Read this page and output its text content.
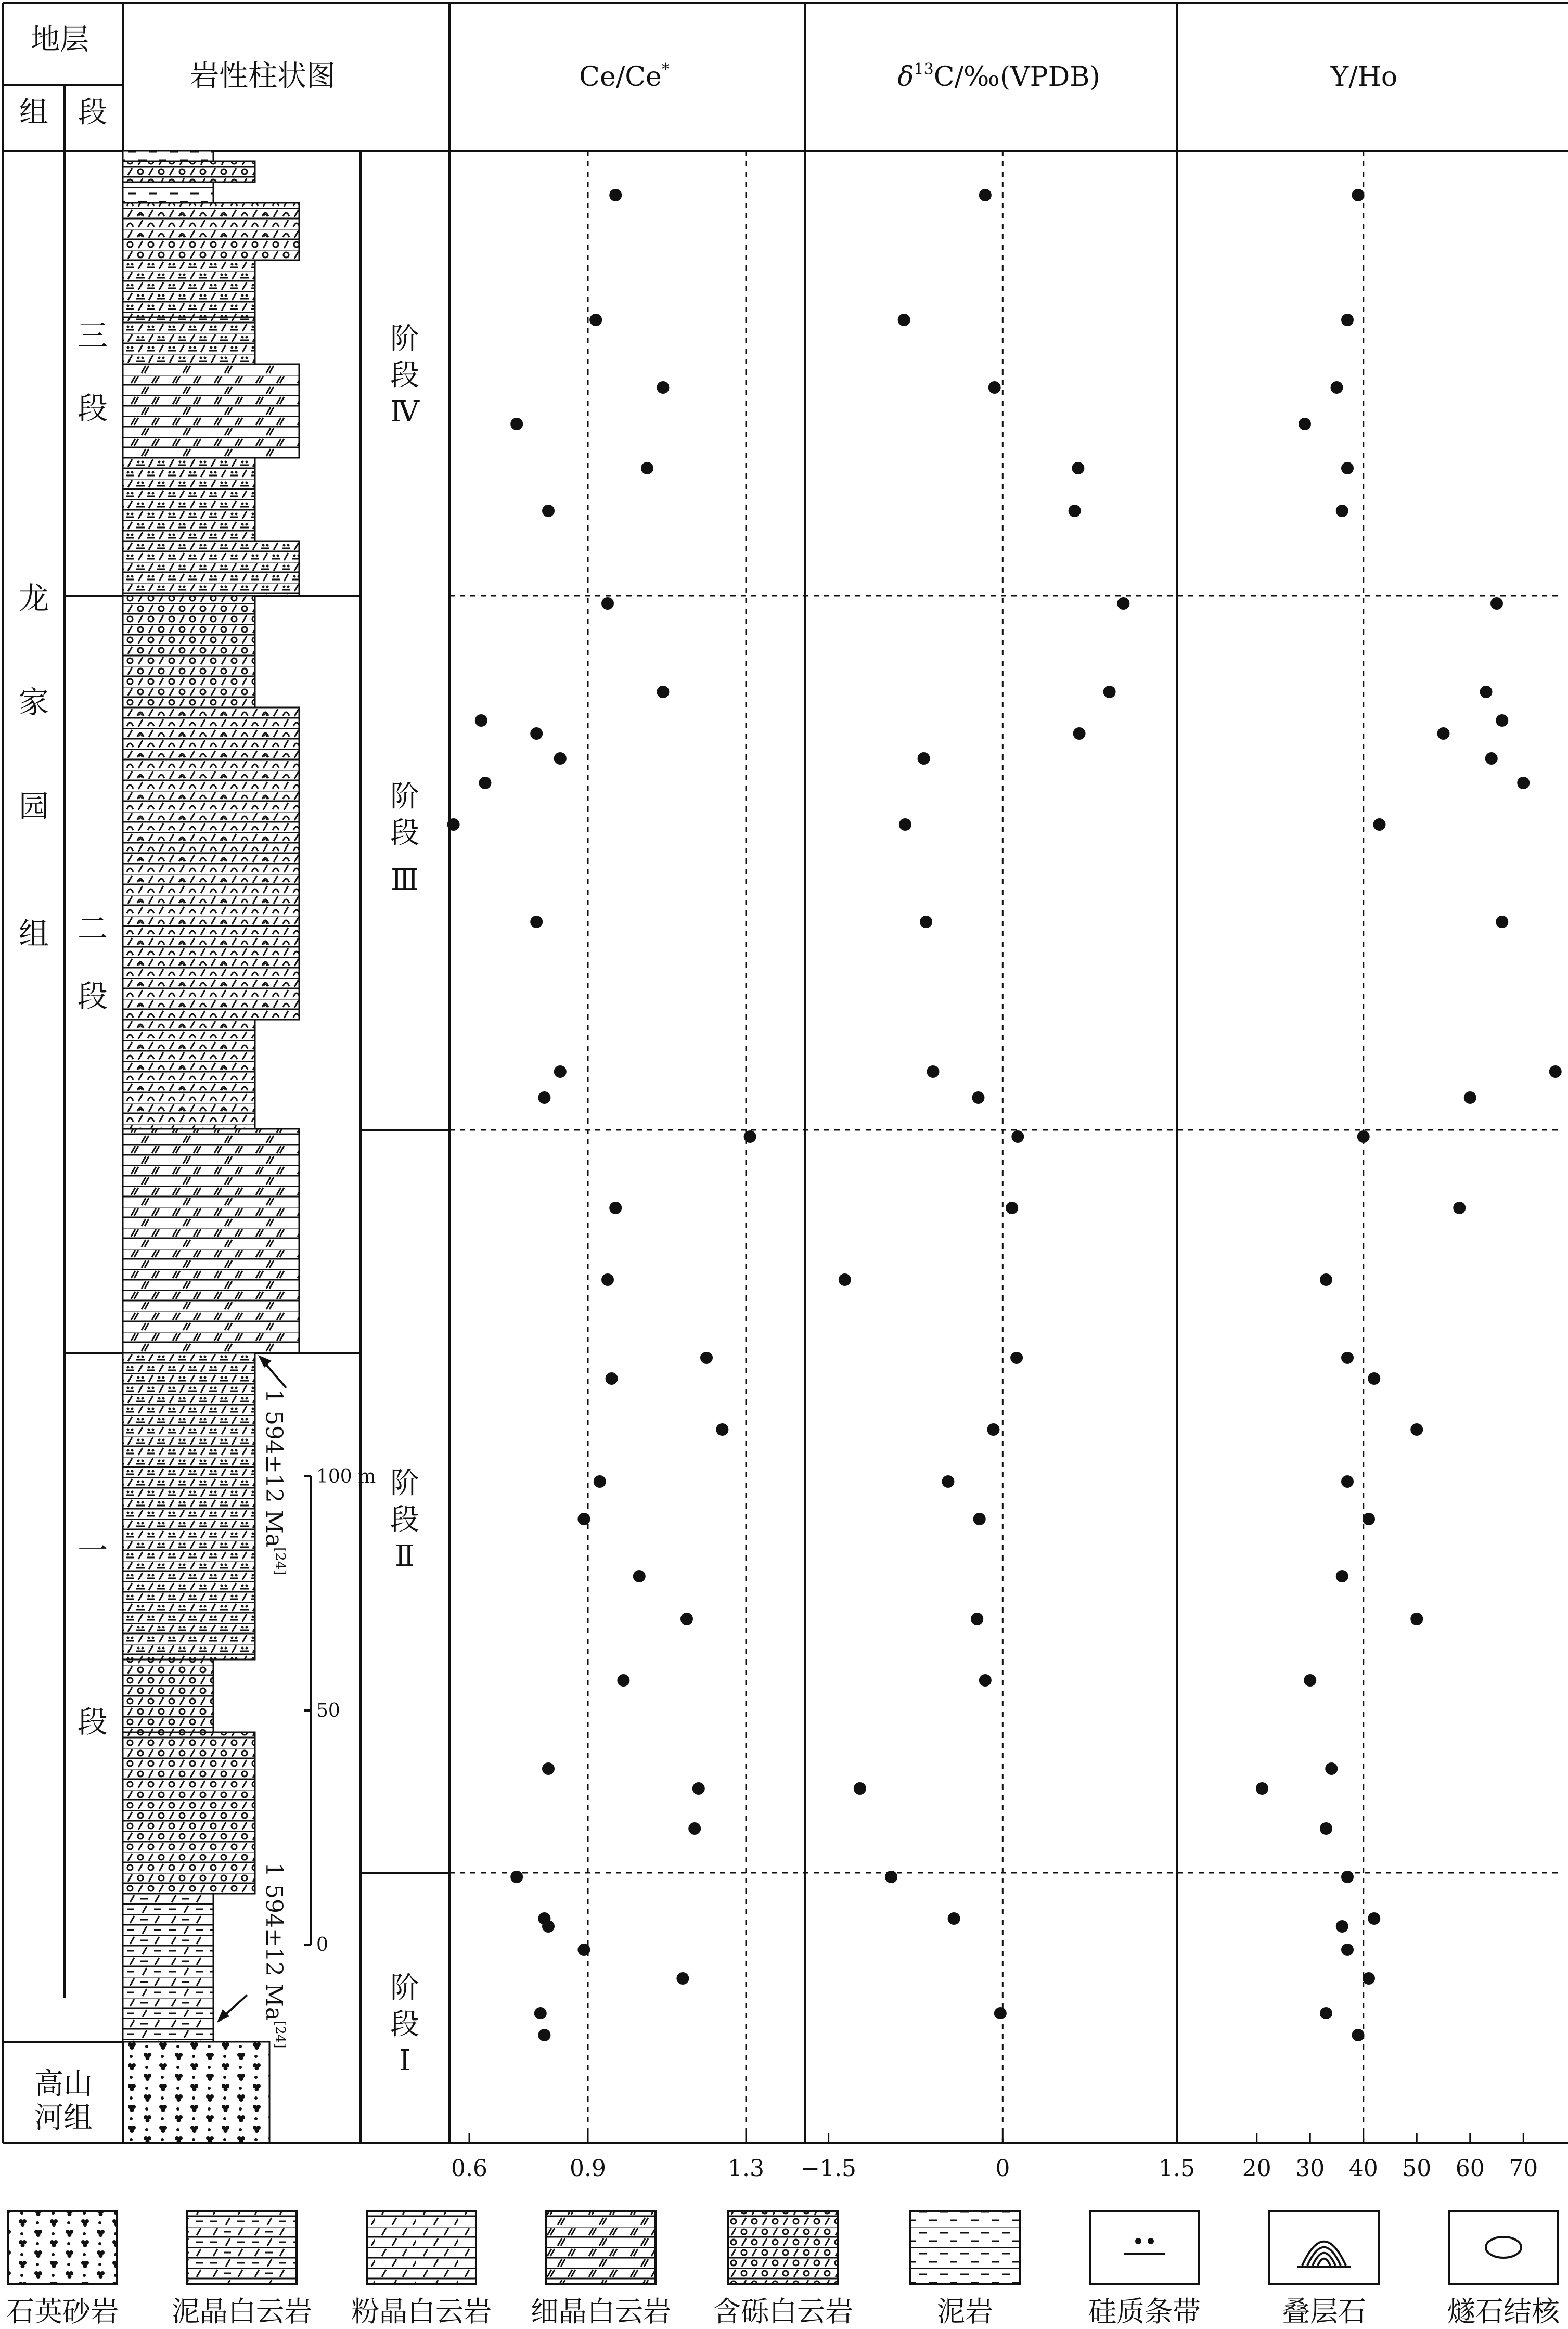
100 m
50
0
0.6	0.9	1.3 −1.5	0	1.5 20 30 40 50 60 70
地层
组 段
岩性柱状图	Ce/Ce*	$\delta^{13}C/‰(VPDB)$	Y/Ho
龙
家
园
组
三
段
二
段
一
段
高山
河组
阶
段
Ⅳ
阶
段
Ⅲ
阶
段
Ⅱ
阶
段
Ⅰ
1 594±12 Ma[24]
1 594±12 Ma[24]
石英砂岩 泥晶白云岩 粉晶白云岩 细晶白云岩 含砾白云岩	泥岩	硅质条带	叠层石	燧石结核
